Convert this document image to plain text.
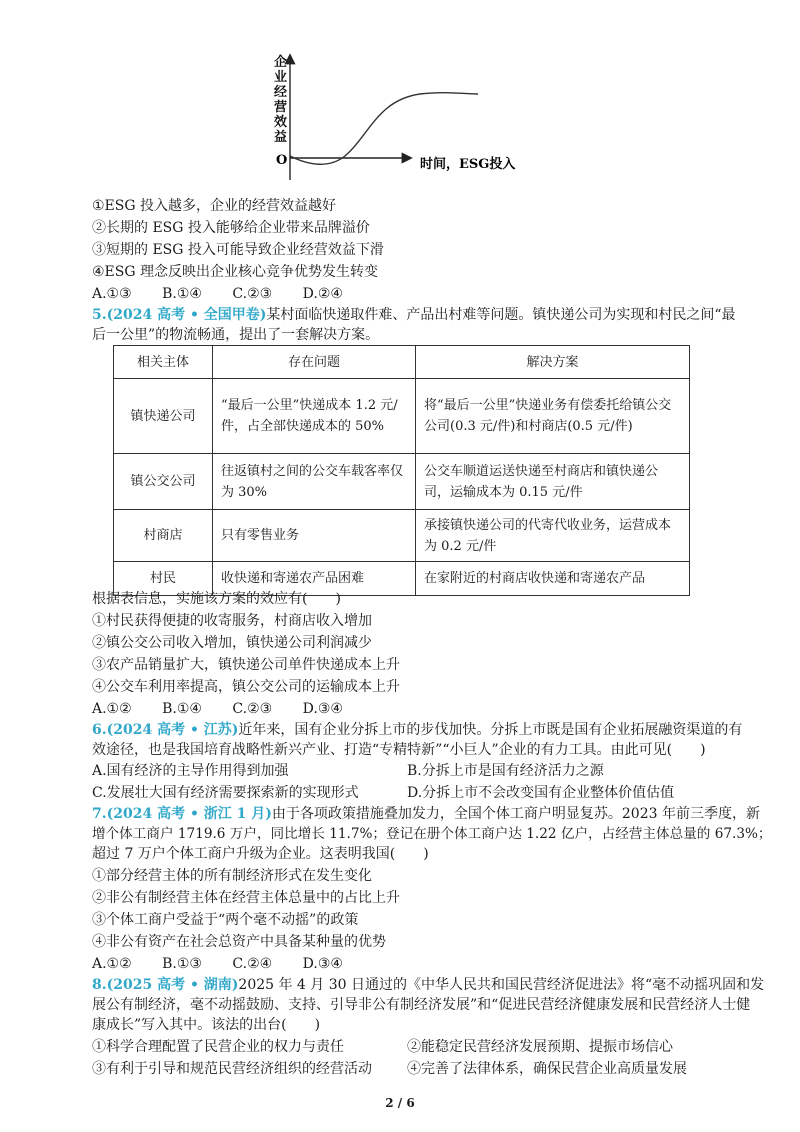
企
业
经
营
效
益
O	时间，ESG投入
①ESG 投入越多，企业的经营效益越好
②长期的 ESG 投入能够给企业带来品牌溢价
③短期的 ESG 投入可能导致企业经营效益下滑
④ESG 理念反映出企业核心竞争优势发生转变
A.①③ B.①④ C.②③ D.②④
5.(2024 高考 • 全国甲卷)某村面临快递取件难、产品出村难等问题。镇快递公司为实现和村民之间“最
后一公里”的物流畅通，提出了一套解决方案。
相关主体	存在问题	解决方案
镇快递公司	“最后一公里”快递成本 1.2 元/件，占全部快递成本的 50%	将“最后一公里”快递业务有偿委托给镇公交公司(0.3 元/件)和村商店(0.5 元/件)
镇公交公司	往返镇村之间的公交车载客率仅为 30%	公交车顺道运送快递至村商店和镇快递公司，运输成本为 0.15 元/件
村商店	只有零售业务	承接镇快递公司的代寄代收业务，运营成本为 0.2 元/件
村民	收快递和寄递农产品困难	在家附近的村商店收快递和寄递农产品
根据表信息，实施该方案的效应有(　　)
①村民获得便捷的收寄服务，村商店收入增加
②镇公交公司收入增加，镇快递公司利润减少
③农产品销量扩大，镇快递公司单件快递成本上升
④公交车利用率提高，镇公交公司的运输成本上升
A.①② B.①④ C.②③ D.③④
6.(2024 高考 • 江苏)近年来，国有企业分拆上市的步伐加快。分拆上市既是国有企业拓展融资渠道的有
效途径，也是我国培育战略性新兴产业、打造“专精特新”“小巨人”企业的有力工具。由此可见(　　)
A.国有经济的主导作用得到加强	B.分拆上市是国有经济活力之源
C.发展壮大国有经济需要探索新的实现形式	D.分拆上市不会改变国有企业整体价值估值
7.(2024 高考 • 浙江 1 月)由于各项政策措施叠加发力，全国个体工商户明显复苏。2023 年前三季度，新
增个体工商户 1719.6 万户，同比增长 11.7%；登记在册个体工商户达 1.22 亿户，占经营主体总量的 67.3%；
超过 7 万户个体工商户升级为企业。这表明我国(　　)
①部分经营主体的所有制经济形式在发生变化
②非公有制经营主体在经营主体总量中的占比上升
③个体工商户受益于“两个毫不动摇”的政策
④非公有资产在社会总资产中具备某种量的优势
A.①② B.①③ C.②④ D.③④
8.(2025 高考 • 湖南)2025 年 4 月 30 日通过的《中华人民共和国民营经济促进法》将“毫不动摇巩固和发
展公有制经济，毫不动摇鼓励、支持、引导非公有制经济发展”和“促进民营经济健康发展和民营经济人士健
康成长”写入其中。该法的出台(　　)
①科学合理配置了民营企业的权力与责任	②能稳定民营经济发展预期、提振市场信心
③有利于引导和规范民营经济组织的经营活动	④完善了法律体系，确保民营企业高质量发展
2 / 6
